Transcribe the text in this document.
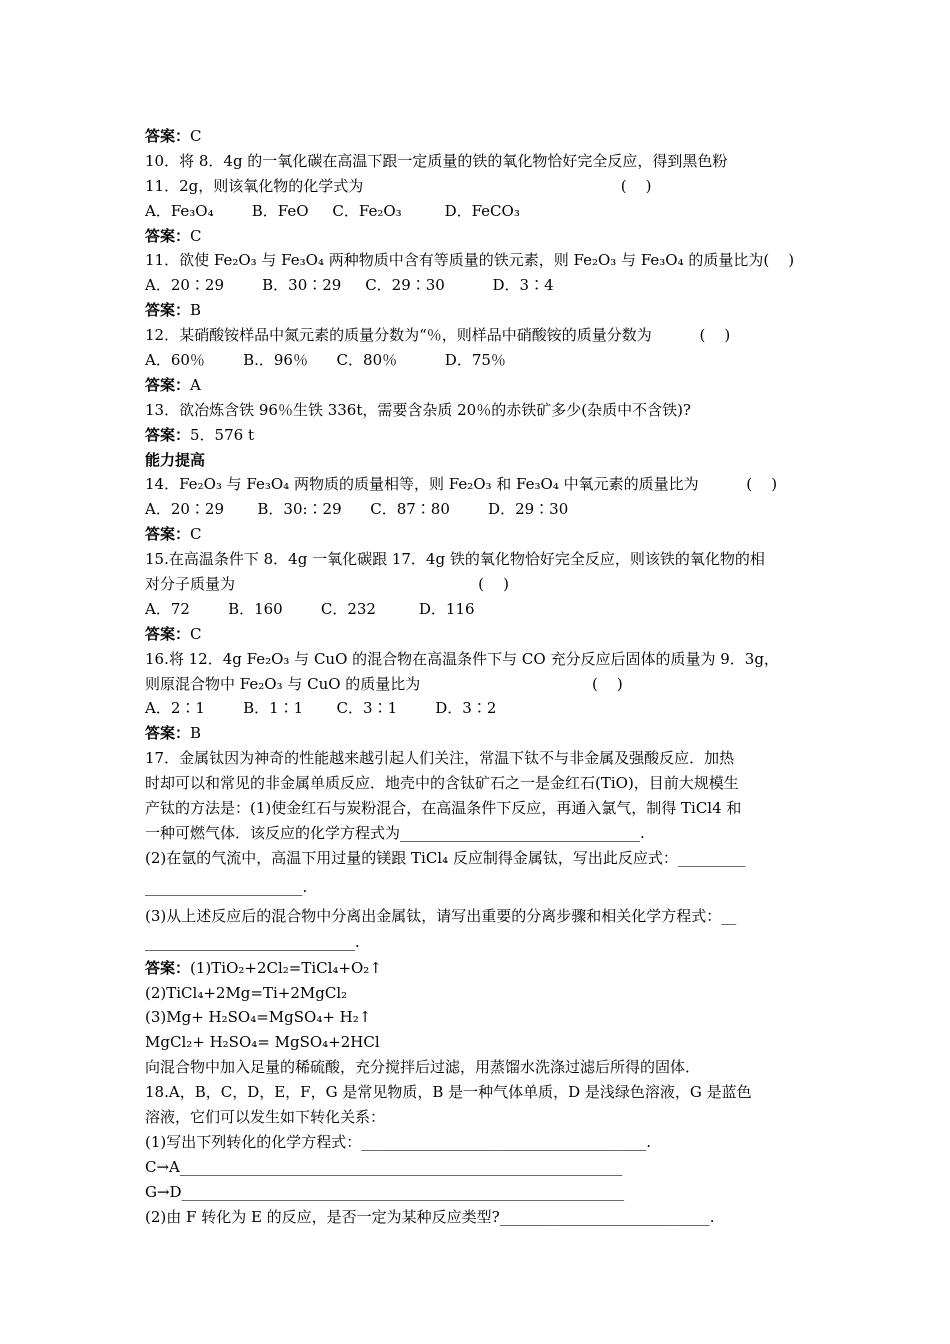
答案：C
10．将 8．4g 的一氧化碳在高温下跟一定质量的铁的氧化物恰好完全反应，得到黑色粉
11．2g，则该氧化物的化学式为                                                      (    )
A．Fe₃O₄        B．FeO     C．Fe₂O₃         D．FeCO₃
答案：C
11．欲使 Fe₂O₃ 与 Fe₃O₄ 两种物质中含有等质量的铁元素，则 Fe₂O₃ 与 Fe₃O₄ 的质量比为(    )
A．20∶29        B．30∶29     C．29∶30          D．3∶4
答案：B
12．某硝酸铵样品中氮元素的质量分数为“％，则样品中硝酸铵的质量分数为          (    )
A．60％        B.．96％      C．80％          D．75％
答案：A
13．欲冶炼含铁 96％生铁 336t，需要含杂质 20％的赤铁矿多少(杂质中不含铁)?
答案：5．576 t
能力提高
14．Fe₂O₃ 与 Fe₃O₄ 两物质的质量相等，则 Fe₂O₃ 和 Fe₃O₄ 中氧元素的质量比为          (    )
A．20∶29       B．30:∶29      C．87∶80        D．29∶30
答案：C
15.在高温条件下 8．4g 一氧化碳跟 17．4g 铁的氧化物恰好完全反应，则该铁的氧化物的相
对分子质量为                                                   (    )
A．72        B．160        C．232         D．116
答案：C
16.将 12．4g Fe₂O₃ 与 CuO 的混合物在高温条件下与 CO 充分反应后固体的质量为 9．3g，
则原混合物中 Fe₂O₃ 与 CuO 的质量比为                                    (    )
A．2∶1        B．1∶1       C．3∶1        D．3∶2
答案：B
17．金属钛因为神奇的性能越来越引起人们关注，常温下钛不与非金属及强酸反应．加热
时却可以和常见的非金属单质反应．地壳中的含钛矿石之一是金红石(TiO)，目前大规模生
产钛的方法是：(1)使金红石与炭粉混合，在高温条件下反应，再通入氯气，制得 TiCl4 和
一种可燃气体．该反应的化学方程式为________________________________.
(2)在氩的气流中，高温下用过量的镁跟 TiCl₄ 反应制得金属钛，写出此反应式：_________
_____________________.
(3)从上述反应后的混合物中分离出金属钛，请写出重要的分离步骤和相关化学方程式：__
____________________________.
答案：(1)TiO₂+2Cl₂=TiCl₄+O₂↑
(2)TiCl₄+2Mg=Ti+2MgCl₂
(3)Mg+ H₂SO₄=MgSO₄+ H₂↑
MgCl₂+ H₂SO₄= MgSO₄+2HCl
向混合物中加入足量的稀硫酸，充分搅拌后过滤，用蒸馏水洗涤过滤后所得的固体．
18.A，B，C，D，E，F，G 是常见物质，B 是一种气体单质，D 是浅绿色溶液，G 是蓝色
溶液，它们可以发生如下转化关系：
(1)写出下列转化的化学方程式：______________________________________.
C→A___________________________________________________________
G→D___________________________________________________________
(2)由 F 转化为 E 的反应，是否一定为某种反应类型?____________________________.
